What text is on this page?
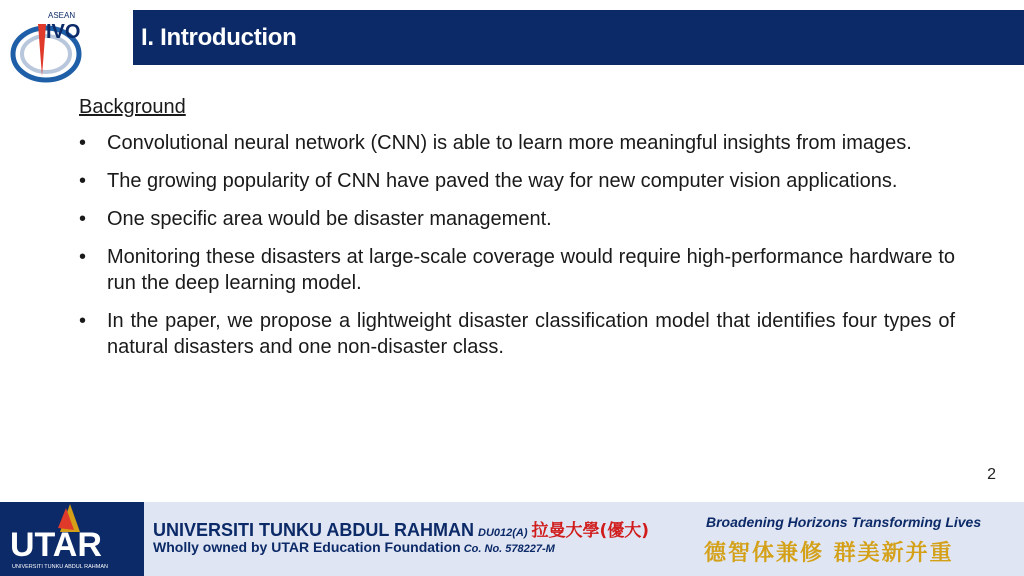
ASEAN
IVO	I. Introduction
Background
•	Convolutional neural network (CNN) is able to learn more meaningful insights from images.
•	The growing popularity of CNN have paved the way for new computer vision applications.
•	One specific area would be disaster management.
•	Monitoring these disasters at large-scale coverage would require high-performance hardware to run the deep learning model.
•	In the paper, we propose a lightweight disaster classification model that identifies four types of natural disasters and one non-disaster class.
2
UTAR
UNIVERSITI TUNKU ABDUL RAHMAN
UNIVERSITI TUNKU ABDUL RAHMAN DU012(A) 拉曼大學(優大)
Wholly owned by UTAR Education Foundation Co. No. 578227-M
Broadening Horizons Transforming Lives
德智体兼修 群美新并重
